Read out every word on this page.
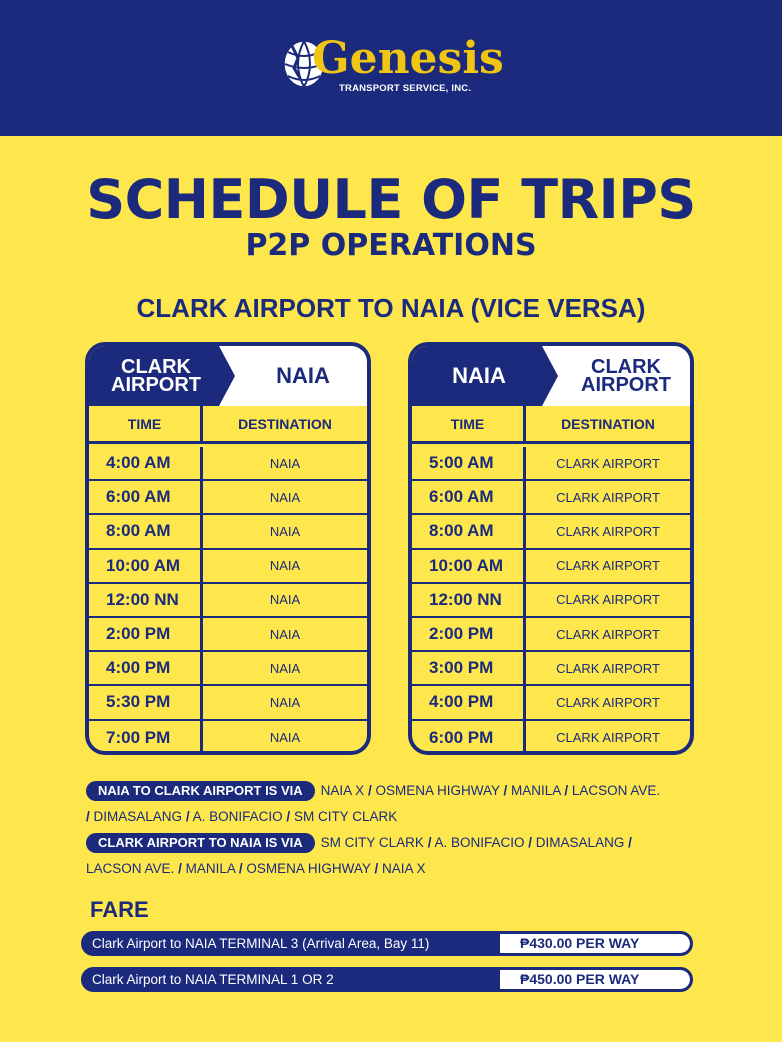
Genesis
TRANSPORT SERVICE, INC.
SCHEDULE OF TRIPS
P2P OPERATIONS
CLARK AIRPORT TO NAIA (VICE VERSA)
CLARK
AIRPORT	NAIA
TIME	DESTINATION
4:00 AM	NAIA
6:00 AM	NAIA
8:00 AM	NAIA
10:00 AM	NAIA
12:00 NN	NAIA
2:00 PM	NAIA
4:00 PM	NAIA
5:30 PM	NAIA
7:00 PM	NAIA
NAIA	CLARK
AIRPORT
TIME	DESTINATION
5:00 AM	CLARK AIRPORT
6:00 AM	CLARK AIRPORT
8:00 AM	CLARK AIRPORT
10:00 AM	CLARK AIRPORT
12:00 NN	CLARK AIRPORT
2:00 PM	CLARK AIRPORT
3:00 PM	CLARK AIRPORT
4:00 PM	CLARK AIRPORT
6:00 PM	CLARK AIRPORT
NAIA TO CLARK AIRPORT IS VIA NAIA X / OSMENA HIGHWAY / MANILA / LACSON AVE.
/ DIMASALANG / A. BONIFACIO / SM CITY CLARK
CLARK AIRPORT TO NAIA IS VIA SM CITY CLARK / A. BONIFACIO / DIMASALANG /
LACSON AVE. / MANILA / OSMENA HIGHWAY / NAIA X
FARE
Clark Airport to NAIA TERMINAL 3 (Arrival Area, Bay 11)	₱430.00 PER WAY
Clark Airport to NAIA TERMINAL 1 OR 2	₱450.00 PER WAY
